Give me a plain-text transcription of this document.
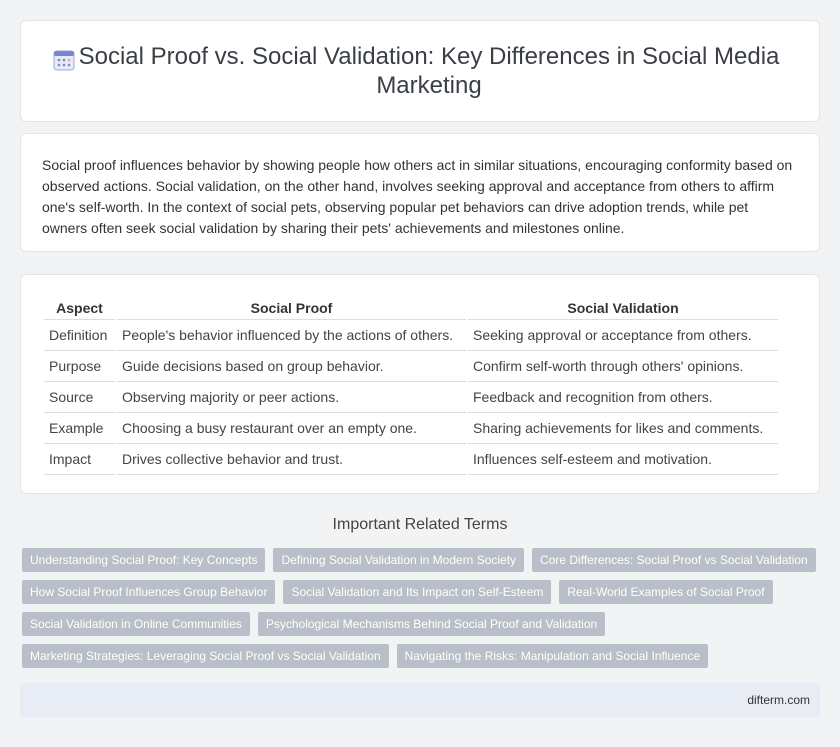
Social Proof vs. Social Validation: Key Differences in Social Media Marketing

Social proof influences behavior by showing people how others act in similar situations, encouraging conformity based on observed actions. Social validation, on the other hand, involves seeking approval and acceptance from others to affirm one's self-worth. In the context of social pets, observing popular pet behaviors can drive adoption trends, while pet owners often seek social validation by sharing their pets' achievements and milestones online.

Aspect	Social Proof	Social Validation
Definition	People's behavior influenced by the actions of others.	Seeking approval or acceptance from others.
Purpose	Guide decisions based on group behavior.	Confirm self-worth through others' opinions.
Source	Observing majority or peer actions.	Feedback and recognition from others.
Example	Choosing a busy restaurant over an empty one.	Sharing achievements for likes and comments.
Impact	Drives collective behavior and trust.	Influences self-esteem and motivation.
Important Related Terms
Understanding Social Proof: Key Concepts	Defining Social Validation in Modern Society	Core Differences: Social Proof vs Social Validation
How Social Proof Influences Group Behavior	Social Validation and Its Impact on Self-Esteem	Real-World Examples of Social Proof
Social Validation in Online Communities	Psychological Mechanisms Behind Social Proof and Validation
Marketing Strategies: Leveraging Social Proof vs Social Validation	Navigating the Risks: Manipulation and Social Influence
difterm.com
